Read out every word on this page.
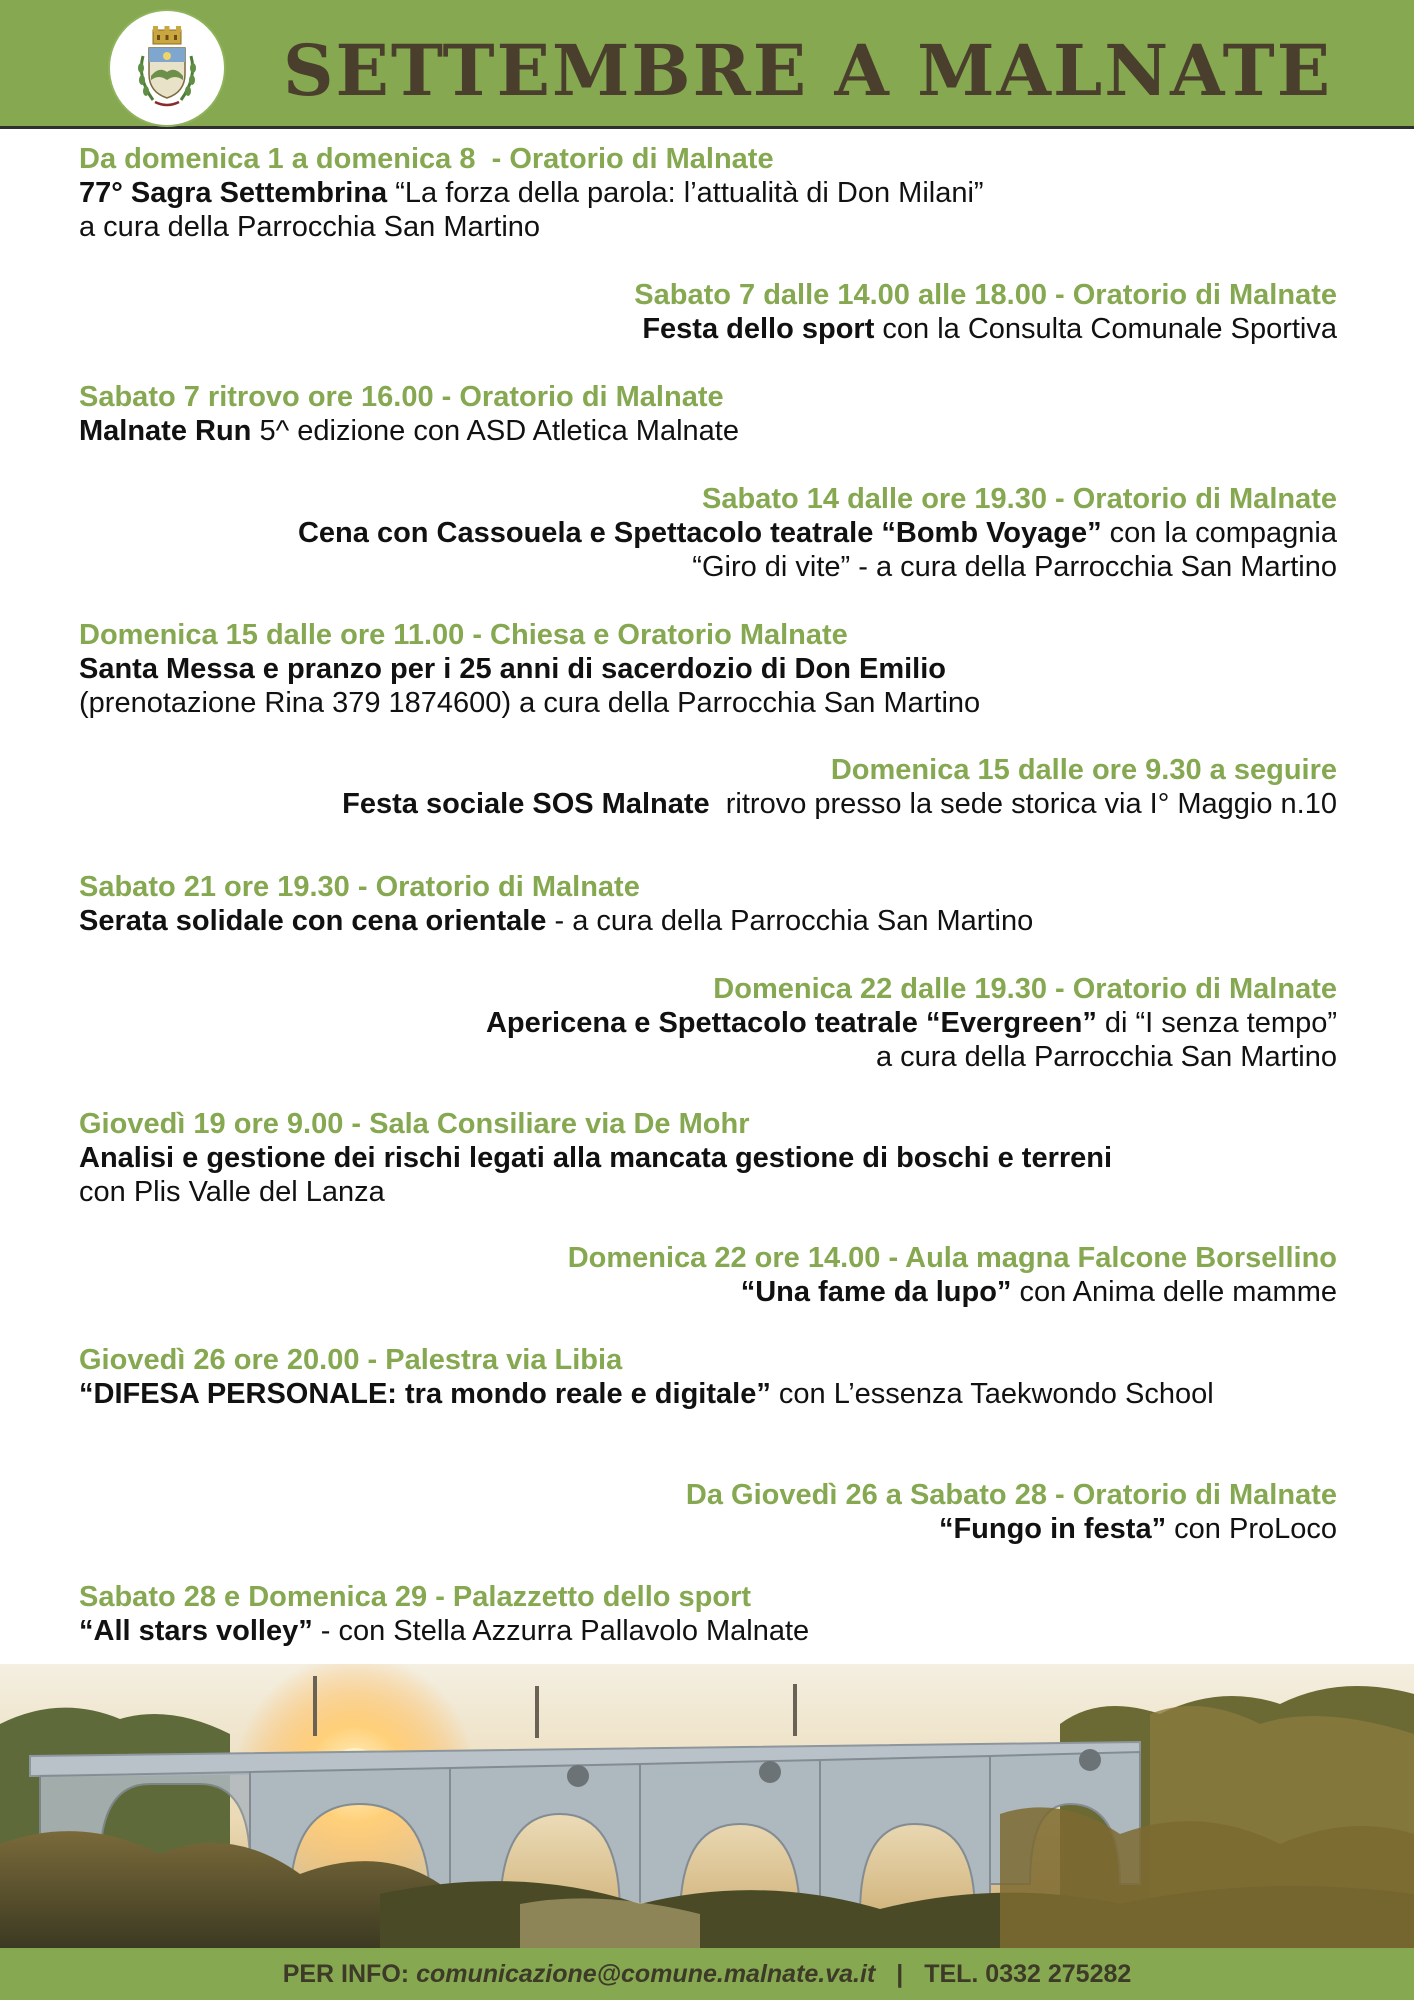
SETTEMBRE A MALNATE
Da domenica 1 a domenica 8  - Oratorio di Malnate
77° Sagra Settembrina “La forza della parola: l’attualità di Don Milani”
a cura della Parrocchia San Martino
Sabato 7 dalle 14.00 alle 18.00 - Oratorio di Malnate
Festa dello sport con la Consulta Comunale Sportiva
Sabato 7 ritrovo ore 16.00 - Oratorio di Malnate
Malnate Run 5^ edizione con ASD Atletica Malnate
Sabato 14 dalle ore 19.30 - Oratorio di Malnate
Cena con Cassouela e Spettacolo teatrale “Bomb Voyage” con la compagnia
“Giro di vite” - a cura della Parrocchia San Martino
Domenica 15 dalle ore 11.00 - Chiesa e Oratorio Malnate
Santa Messa e pranzo per i 25 anni di sacerdozio di Don Emilio
(prenotazione Rina 379 1874600) a cura della Parrocchia San Martino
Domenica 15 dalle ore 9.30 a seguire
Festa sociale SOS Malnate  ritrovo presso la sede storica via I° Maggio n.10
Sabato 21 ore 19.30 - Oratorio di Malnate
Serata solidale con cena orientale - a cura della Parrocchia San Martino
Domenica 22 dalle 19.30 - Oratorio di Malnate
Apericena e Spettacolo teatrale “Evergreen” di “I senza tempo”
a cura della Parrocchia San Martino
Giovedì 19 ore 9.00 - Sala Consiliare via De Mohr
Analisi e gestione dei rischi legati alla mancata gestione di boschi e terreni
con Plis Valle del Lanza
Domenica 22 ore 14.00 - Aula magna Falcone Borsellino
“Una fame da lupo” con Anima delle mamme
Giovedì 26 ore 20.00 - Palestra via Libia
“DIFESA PERSONALE: tra mondo reale e digitale” con L’essenza Taekwondo School
Da Giovedì 26 a Sabato 28 - Oratorio di Malnate
“Fungo in festa” con ProLoco
Sabato 28 e Domenica 29 - Palazzetto dello sport
“All stars volley” - con Stella Azzurra Pallavolo Malnate
PER INFO: comunicazione@comune.malnate.va.it | TEL. 0332 275282
